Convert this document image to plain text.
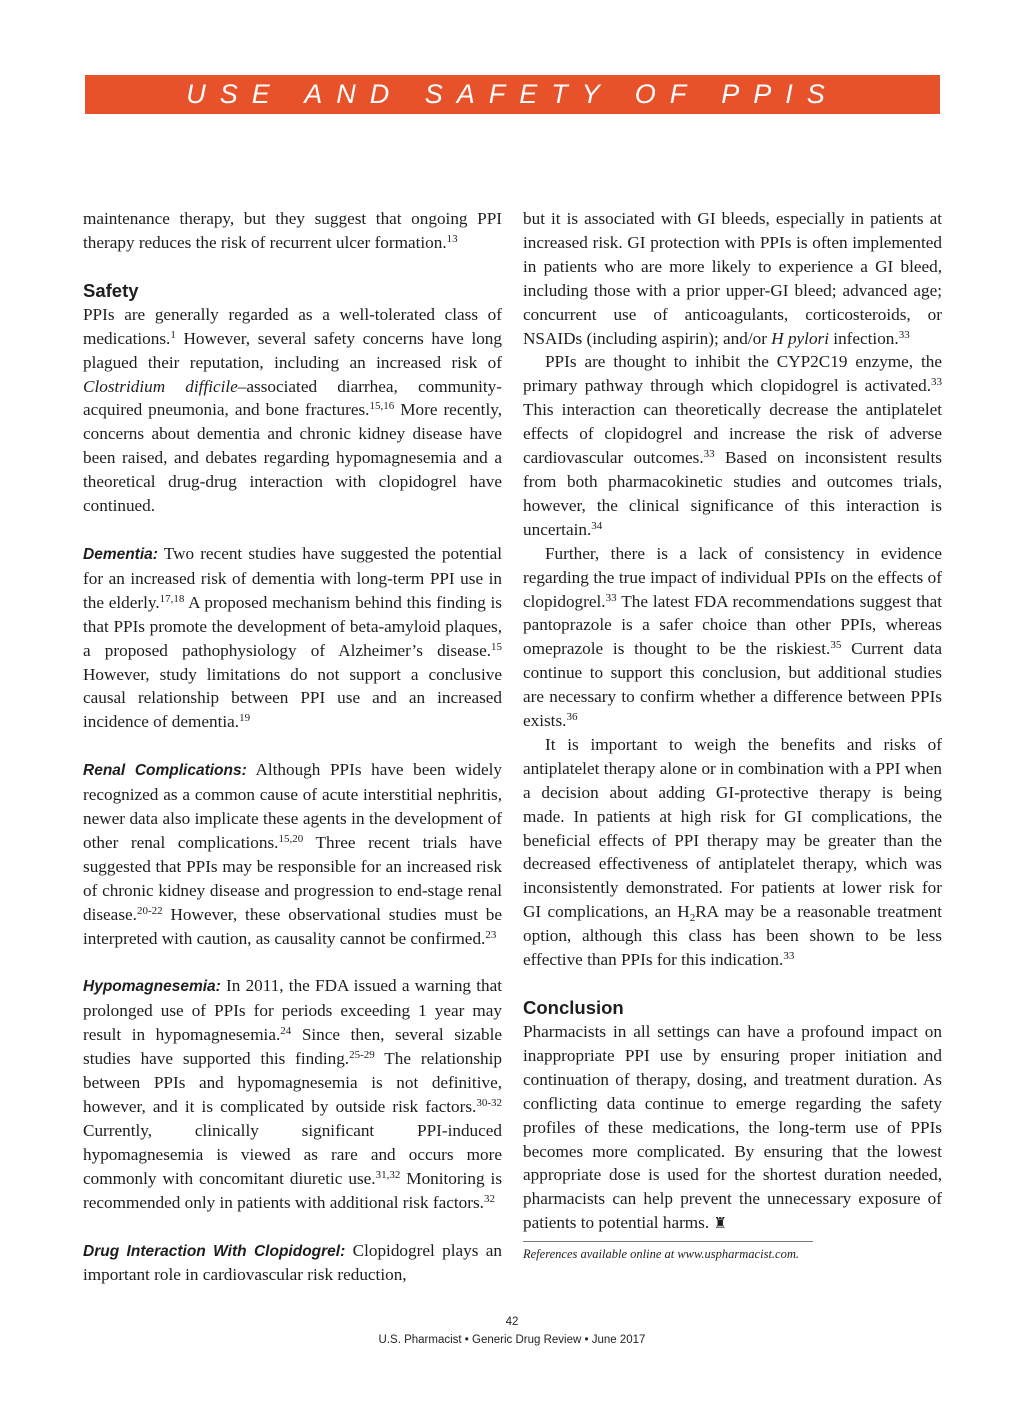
USE AND SAFETY OF PPIS

maintenance therapy, but they suggest that ongoing PPI therapy reduces the risk of recurrent ulcer formation.$^{13}$

Safety

PPIs are generally regarded as a well-tolerated class of medications.$^1$ However, several safety concerns have long plagued their reputation, including an increased risk of Clostridium difficile–associated diarrhea, community-acquired pneumonia, and bone fractures.$^{15,16}$ More recently, concerns about dementia and chronic kidney disease have been raised, and debates regarding hypomagnesemia and a theoretical drug-drug interaction with clopidogrel have continued.

Dementia: Two recent studies have suggested the potential for an increased risk of dementia with long-term PPI use in the elderly.$^{17,18}$ A proposed mechanism behind this finding is that PPIs promote the development of beta-amyloid plaques, a proposed pathophysiology of Alzheimer’s disease.$^{15}$ However, study limitations do not support a conclusive causal relationship between PPI use and an increased incidence of dementia.$^{19}$

Renal Complications: Although PPIs have been widely recognized as a common cause of acute interstitial nephritis, newer data also implicate these agents in the development of other renal complications.$^{15,20}$ Three recent trials have suggested that PPIs may be responsible for an increased risk of chronic kidney disease and progression to end-stage renal disease.$^{20-22}$ However, these observational studies must be interpreted with caution, as causality cannot be confirmed.$^{23}$

Hypomagnesemia: In 2011, the FDA issued a warning that prolonged use of PPIs for periods exceeding 1 year may result in hypomagnesemia.$^{24}$ Since then, several sizable studies have supported this finding.$^{25-29}$ The relationship between PPIs and hypomagnesemia is not definitive, however, and it is complicated by outside risk factors.$^{30-32}$ Currently, clinically significant PPI-induced hypomagnesemia is viewed as rare and occurs more commonly with concomitant diuretic use.$^{31,32}$ Monitoring is recommended only in patients with additional risk factors.$^{32}$

Drug Interaction With Clopidogrel: Clopidogrel plays an important role in cardiovascular risk reduction,

but it is associated with GI bleeds, especially in patients at increased risk. GI protection with PPIs is often implemented in patients who are more likely to experience a GI bleed, including those with a prior upper-GI bleed; advanced age; concurrent use of anticoagulants, corticosteroids, or NSAIDs (including aspirin); and/or H pylori infection.$^{33}$

PPIs are thought to inhibit the CYP2C19 enzyme, the primary pathway through which clopidogrel is activated.$^{33}$ This interaction can theoretically decrease the antiplatelet effects of clopidogrel and increase the risk of adverse cardiovascular outcomes.$^{33}$ Based on inconsistent results from both pharmacokinetic studies and outcomes trials, however, the clinical significance of this interaction is uncertain.$^{34}$

Further, there is a lack of consistency in evidence regarding the true impact of individual PPIs on the effects of clopidogrel.$^{33}$ The latest FDA recommendations suggest that pantoprazole is a safer choice than other PPIs, whereas omeprazole is thought to be the riskiest.$^{35}$ Current data continue to support this conclusion, but additional studies are necessary to confirm whether a difference between PPIs exists.$^{36}$

It is important to weigh the benefits and risks of antiplatelet therapy alone or in combination with a PPI when a decision about adding GI-protective therapy is being made. In patients at high risk for GI complications, the beneficial effects of PPI therapy may be greater than the decreased effectiveness of antiplatelet therapy, which was inconsistently demonstrated. For patients at lower risk for GI complications, an $H_2RA$ may be a reasonable treatment option, although this class has been shown to be less effective than PPIs for this indication.$^{33}$

Conclusion

Pharmacists in all settings can have a profound impact on inappropriate PPI use by ensuring proper initiation and continuation of therapy, dosing, and treatment duration. As conflicting data continue to emerge regarding the safety profiles of these medications, the long-term use of PPIs becomes more complicated. By ensuring that the lowest appropriate dose is used for the shortest duration needed, pharmacists can help prevent the unnecessary exposure of patients to potential harms. ♜

References available online at www.uspharmacist.com.
42
U.S. Pharmacist • Generic Drug Review • June 2017
